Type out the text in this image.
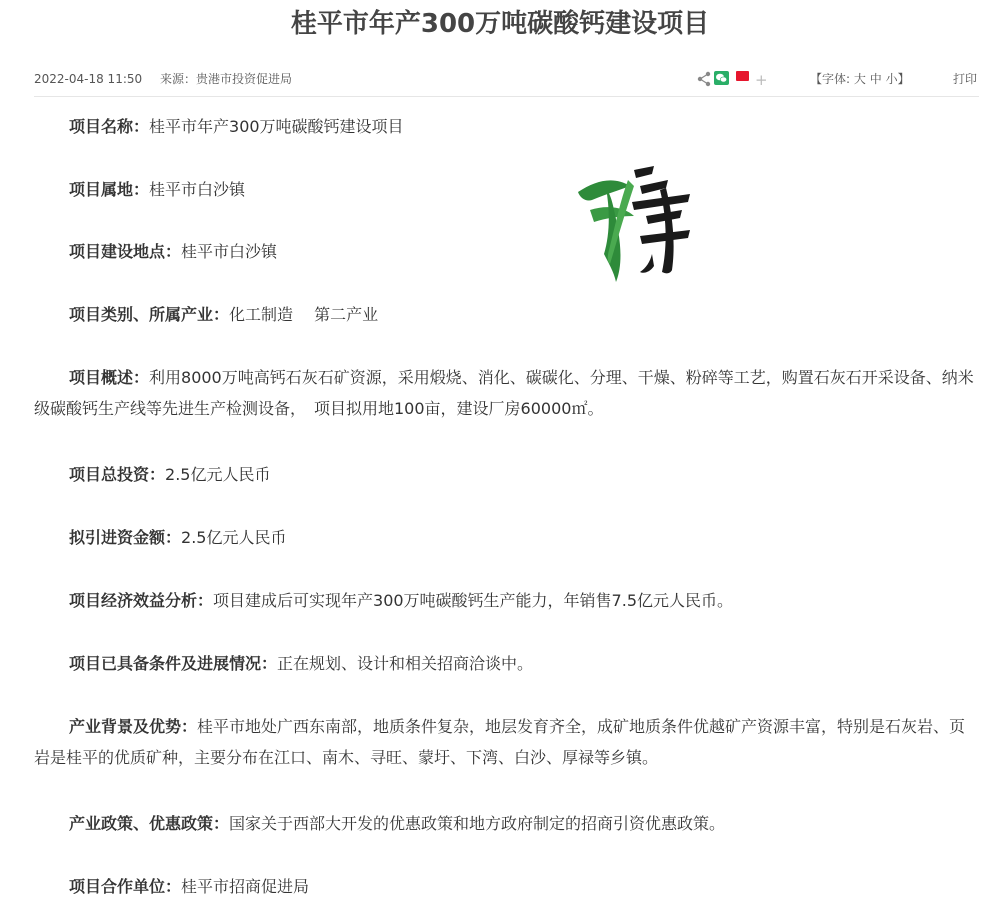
桂平市年产300万吨碳酸钙建设项目
2022-04-18 11:50 来源：贵港市投资促进局	+	【字体: 大 中 小】	打印
项目名称：桂平市年产300万吨碳酸钙建设项目
项目属地：桂平市白沙镇
项目建设地点：桂平市白沙镇
项目类别、所属产业：化工制造　 第二产业
项目概述：利用8000万吨高钙石灰石矿资源，采用煅烧、消化、碳碳化、分理、干燥、粉碎等工艺，购置石灰石开采设备、纳米级碳酸钙生产线等先进生产检测设备，　项目拟用地100亩，建设厂房60000㎡。
项目总投资：2.5亿元人民币
拟引进资金额：2.5亿元人民币
项目经济效益分析：项目建成后可实现年产300万吨碳酸钙生产能力，年销售7.5亿元人民币。
项目已具备条件及进展情况：正在规划、设计和相关招商洽谈中。
产业背景及优势：桂平市地处广西东南部，地质条件复杂，地层发育齐全，成矿地质条件优越矿产资源丰富，特别是石灰岩、页岩是桂平的优质矿种，主要分布在江口、南木、寻旺、蒙圩、下湾、白沙、厚禄等乡镇。
产业政策、优惠政策：国家关于西部大开发的优惠政策和地方政府制定的招商引资优惠政策。
项目合作单位：桂平市招商促进局
